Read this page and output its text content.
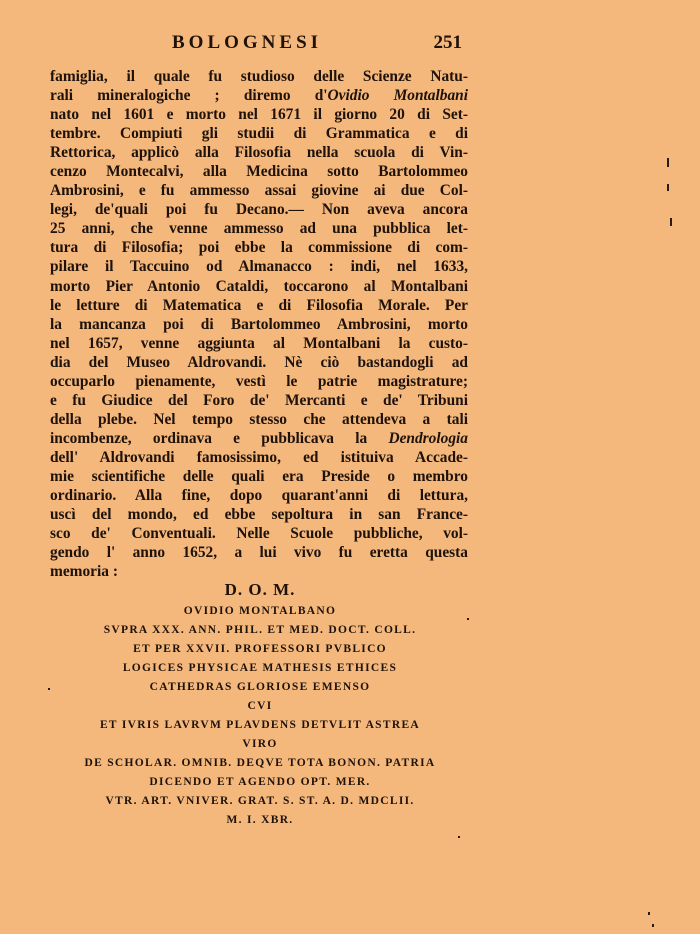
BOLOGNESI	251
famiglia, il quale fu studioso delle Scienze Natu-
rali mineralogiche ; diremo d'Ovidio Montalbani
nato nel 1601 e morto nel 1671 il giorno 20 di Set-
tembre. Compiuti gli studii di Grammatica e di
Rettorica, applicò alla Filosofia nella scuola di Vin-
cenzo Montecalvi, alla Medicina sotto Bartolommeo
Ambrosini, e fu ammesso assai giovine ai due Col-
legi, de'quali poi fu Decano.— Non aveva ancora
25 anni, che venne ammesso ad una pubblica let-
tura di Filosofia; poi ebbe la commissione di com-
pilare il Taccuino od Almanacco : indi, nel 1633,
morto Pier Antonio Cataldi, toccarono al Montalbani
le letture di Matematica e di Filosofia Morale. Per
la mancanza poi di Bartolommeo Ambrosini, morto
nel 1657, venne aggiunta al Montalbani la custo-
dia del Museo Aldrovandi. Nè ciò bastandogli ad
occuparlo pienamente, vestì le patrie magistrature;
e fu Giudice del Foro de' Mercanti e de' Tribuni
della plebe. Nel tempo stesso che attendeva a tali
incombenze, ordinava e pubblicava la Dendrologia
dell' Aldrovandi famosissimo, ed istituiva Accade-
mie scientifiche delle quali era Preside o membro
ordinario. Alla fine, dopo quarant'anni di lettura,
uscì del mondo, ed ebbe sepoltura in san France-
sco de' Conventuali. Nelle Scuole pubbliche, vol-
gendo l' anno 1652, a lui vivo fu eretta questa
memoria :
D. O. M.
OVIDIO MONTALBANO
SVPRA XXX. ANN. PHIL. ET MED. DOCT. COLL.
ET PER XXVII. PROFESSORI PVBLICO
LOGICES PHYSICAE MATHESIS ETHICES
CATHEDRAS GLORIOSE EMENSO
CVI
ET IVRIS LAVRVM PLAVDENS DETVLIT ASTREA
VIRO
DE SCHOLAR. OMNIB. DEQVE TOTA BONON. PATRIA
DICENDO ET AGENDO OPT. MER.
VTR. ART. VNIVER. GRAT. S. ST. A. D. MDCLII.
M. I. XBR.
